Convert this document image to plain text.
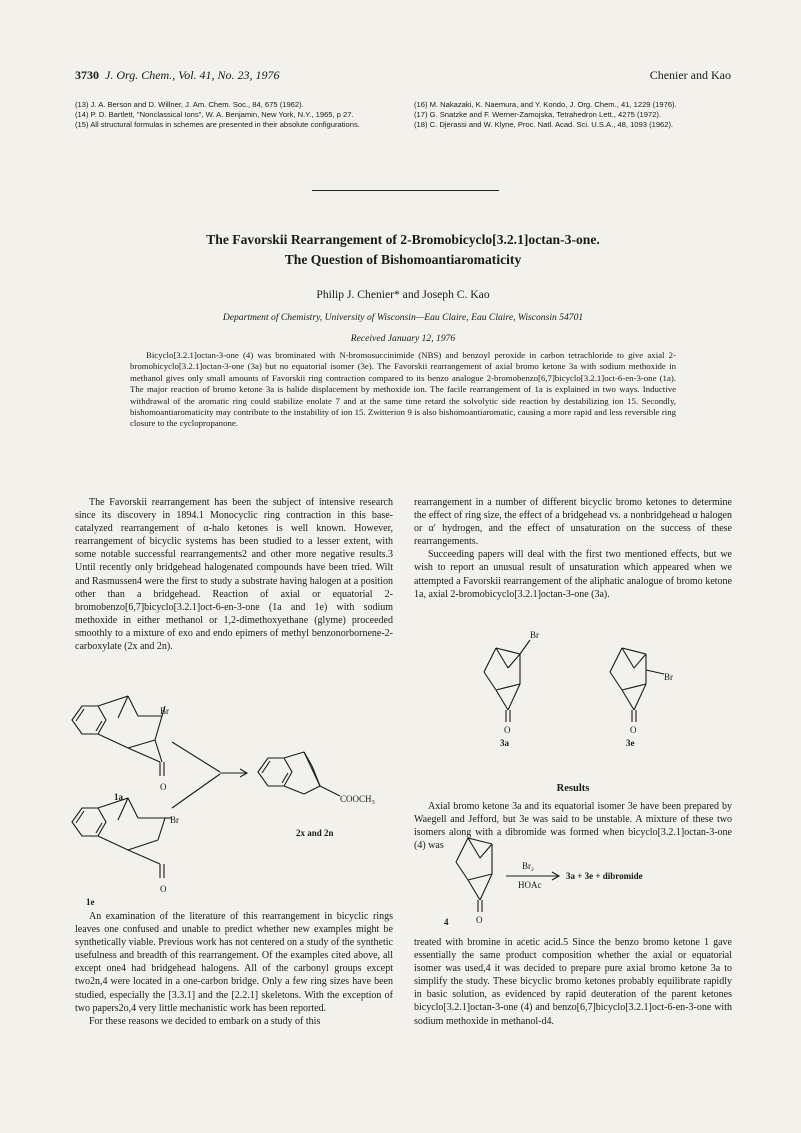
3730 J. Org. Chem., Vol. 41, No. 23, 1976	Chenier and Kao

(13) J. A. Berson and D. Willner, J. Am. Chem. Soc., 84, 675 (1962).

(14) P. D. Bartlett, "Nonclassical Ions", W. A. Benjamin, New York, N.Y., 1965, p 27.

(15) All structural formulas in schemes are presented in their absolute configurations.

(16) M. Nakazaki, K. Naemura, and Y. Kondo, J. Org. Chem., 41, 1229 (1976).

(17) G. Snatzke and F. Werner-Zamojska, Tetrahedron Lett., 4275 (1972).

(18) C. Djerassi and W. Klyne, Proc. Natl. Acad. Sci. U.S.A., 48, 1093 (1962).

The Favorskii Rearrangement of 2-Bromobicyclo[3.2.1]octan-3-one.
The Question of Bishomoantiaromaticity
Philip J. Chenier* and Joseph C. Kao
Department of Chemistry, University of Wisconsin—Eau Claire, Eau Claire, Wisconsin 54701
Received January 12, 1976

Bicyclo[3.2.1]octan-3-one (4) was brominated with N-bromosuccinimide (NBS) and benzoyl peroxide in carbon tetrachloride to give axial 2-bromobicyclo[3.2.1]octan-3-one (3a) but no equatorial isomer (3e). The Favorskii rearrangement of axial bromo ketone 3a with sodium methoxide in methanol gives only small amounts of Favorskii ring contraction compared to its benzo analogue 2-bromobenzo[6,7]bicyclo[3.2.1]oct-6-en-3-one (1a). The major reaction of bromo ketone 3a is halide displacement by methoxide ion. The facile rearrangement of 1a is explained in two ways. Inductive withdrawal of the aromatic ring could stabilize enolate 7 and at the same time retard the solvolytic side reaction by destabilizing ion 15. Secondly, bishomoantiaromaticity may contribute to the instability of ion 15. Zwitterion 9 is also bishomoantiaromatic, causing a more rapid and less reversible ring closure to the cyclopropanone.

The Favorskii rearrangement has been the subject of intensive research since its discovery in 1894.1 Monocyclic ring contraction in this base-catalyzed rearrangement of α-halo ketones is well known. However, rearrangement of bicyclic systems has been studied to a lesser extent, with some notable successful rearrangements2 and other more negative results.3 Until recently only bridgehead halogenated compounds have been tried. Wilt and Rasmussen4 were the first to study a substrate having halogen at a position other than a bridgehead. Reaction of axial or equatorial 2-bromobenzo[6,7]bicyclo[3.2.1]oct-6-en-3-one (1a and 1e) with sodium methoxide in either methanol or 1,2-dimethoxyethane (glyme) proceeded smoothly to a mixture of exo and endo epimers of methyl benzonorbornene-2-carboxylate (2x and 2n).

An examination of the literature of this rearrangement in bicyclic rings leaves one confused and unable to predict whether new examples might be synthetically viable. Previous work has not centered on a study of the synthetic usefulness and breadth of this rearrangement. Of the examples cited above, all except one4 had bridgehead halogens. All of the carbonyl groups except two2n,4 were located in a one-carbon bridge. Only a few ring sizes have been studied, especially the [3.3.1] and the [2.2.1] skeletons. With the exception of two papers2o,4 very little mechanistic work has been reported.

For these reasons we decided to embark on a study of this

rearrangement in a number of different bicyclic bromo ketones to determine the effect of ring size, the effect of a bridgehead vs. a nonbridgehead α halogen or α′ hydrogen, and the effect of unsaturation on the success of these rearrangements.

Succeeding papers will deal with the first two mentioned effects, but we wish to report an unusual result of unsaturation which appeared when we attempted a Favorskii rearrangement of the aliphatic analogue of bromo ketone 1a, axial 2-bromobicyclo[3.2.1]octan-3-one (3a).

Results

Axial bromo ketone 3a and its equatorial isomer 3e have been prepared by Waegell and Jefford, but 3e was said to be unstable. A mixture of these two isomers along with a dibromide was formed when bicyclo[3.2.1]octan-3-one (4) was

treated with bromine in acetic acid.5 Since the benzo bromo ketone 1 gave essentially the same product composition whether the axial or equatorial isomer was used,4 it was decided to prepare pure axial bromo ketone 3a to simplify the study. These bicyclic bromo ketones probably equilibrate rapidly in basic solution, as evidenced by rapid deuteration of the parent ketones bicyclo[3.2.1]octan-3-one (4) and benzo[6,7]bicyclo[3.2.1]oct-6-en-3-one with sodium methoxide in methanol-d4.

Br
O
1a
Br
O
1e
$COOCH_3$
2x and 2n
Br
O
3a
Br
O
3e
O
4
$Br_2$
HOAc
3a + 3e + dibromide
